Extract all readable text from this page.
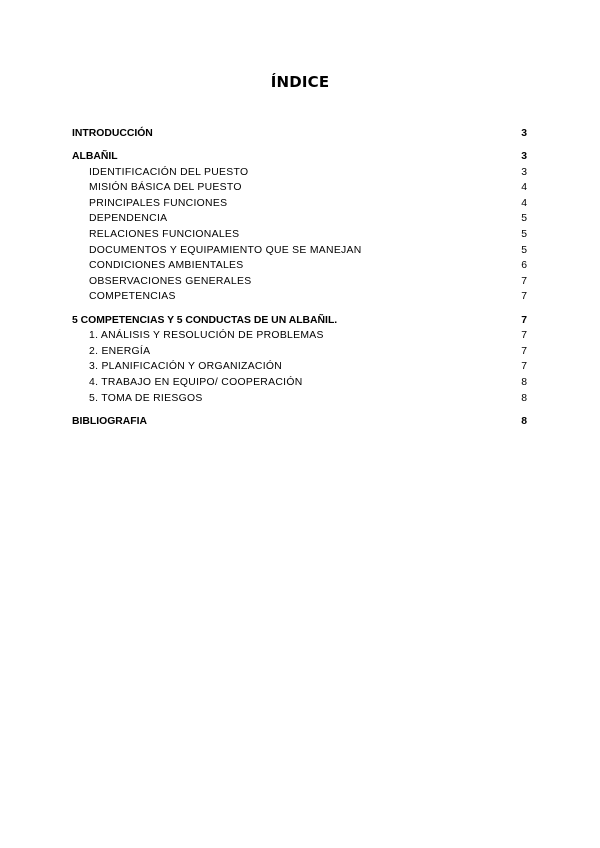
ÍNDICE
INTRODUCCIÓN	3
ALBAÑIL	3
IDENTIFICACIÓN DEL PUESTO	3
MISIÓN BÁSICA DEL PUESTO	4
PRINCIPALES FUNCIONES	4
DEPENDENCIA	5
RELACIONES FUNCIONALES	5
DOCUMENTOS Y EQUIPAMIENTO QUE SE MANEJAN	5
CONDICIONES AMBIENTALES	6
OBSERVACIONES GENERALES	7
COMPETENCIAS	7
5 COMPETENCIAS Y 5 CONDUCTAS DE UN ALBAÑIL.	7
1. ANÁLISIS Y RESOLUCIÓN DE PROBLEMAS	7
2. ENERGÍA	7
3. PLANIFICACIÓN Y ORGANIZACIÓN	7
4. TRABAJO EN EQUIPO/ COOPERACIÓN	8
5. TOMA DE RIESGOS	8
BIBLIOGRAFIA	8
